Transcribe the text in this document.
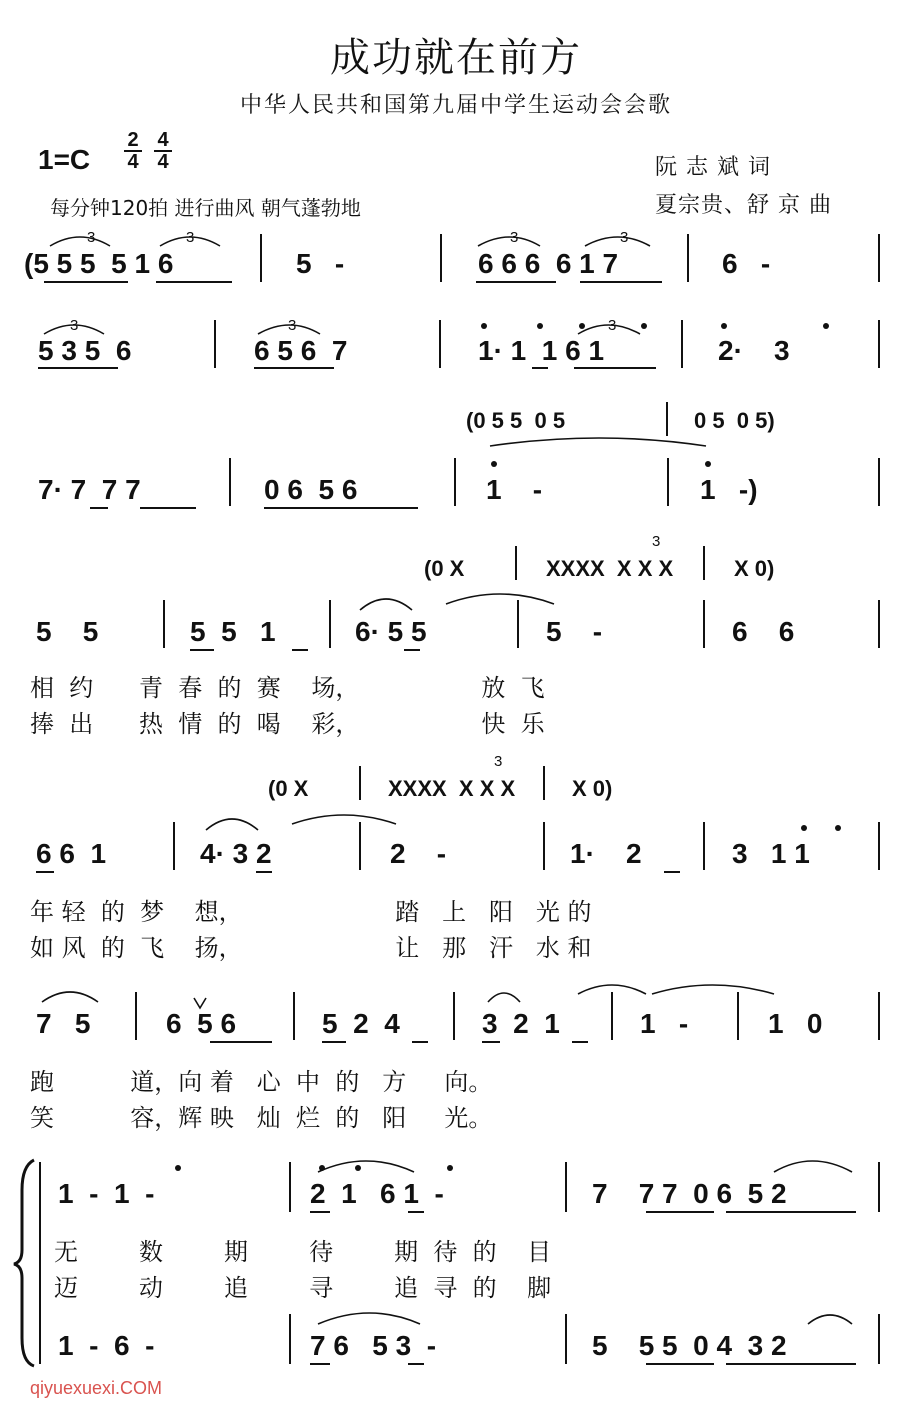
成功就在前方
中华人民共和国第九届中学生运动会会歌
1=C
2
4
4
4
每分钟120拍 进行曲风 朝气蓬勃地
阮 志 斌 词
夏宗贵、舒 京 曲
(5 5 5  5 1 6	5   -	6 6 6  6 1 7	6   -
5 3 5  6	6 5 6  7	1· 1  1 6 1	2·    3
(0 5 5  0 5	0 5  0 5)
7· 7  7 7	0 6  5 6	1    -	1   -)
(0 X	XXXX  X X X	X 0)
5    5	5  5   1	6· 5 5	5    -	6    6
相  约      青  春  的  赛    场，                放  飞
捧  出      热  情  的  喝    彩，                快  乐
(0 X	XXXX  X X X	X 0)
6 6  1	4· 3 2	2    -	1·    2	3   1 1
年 轻  的  梦    想，                    踏   上   阳   光 的
如 风  的  飞    扬，                    让   那   汗   水 和
7   5	6  5 6	5  2  4	3  2  1	1   -	1   0
跑          道，向 着   心  中  的   方     向。
笑          容，辉 映   灿  烂  的   阳     光。
1  -  1  -	2  1   6 1  -	7    7 7  0 6  5 2
无        数        期        待        期  待  的    目
迈        动        追        寻        追  寻  的    脚
1  -  6  -	7 6   5 3  -	5    5 5  0 4  3 2
3	3	3	3
3	3	3
3
3
qiyuexuexi.COM
